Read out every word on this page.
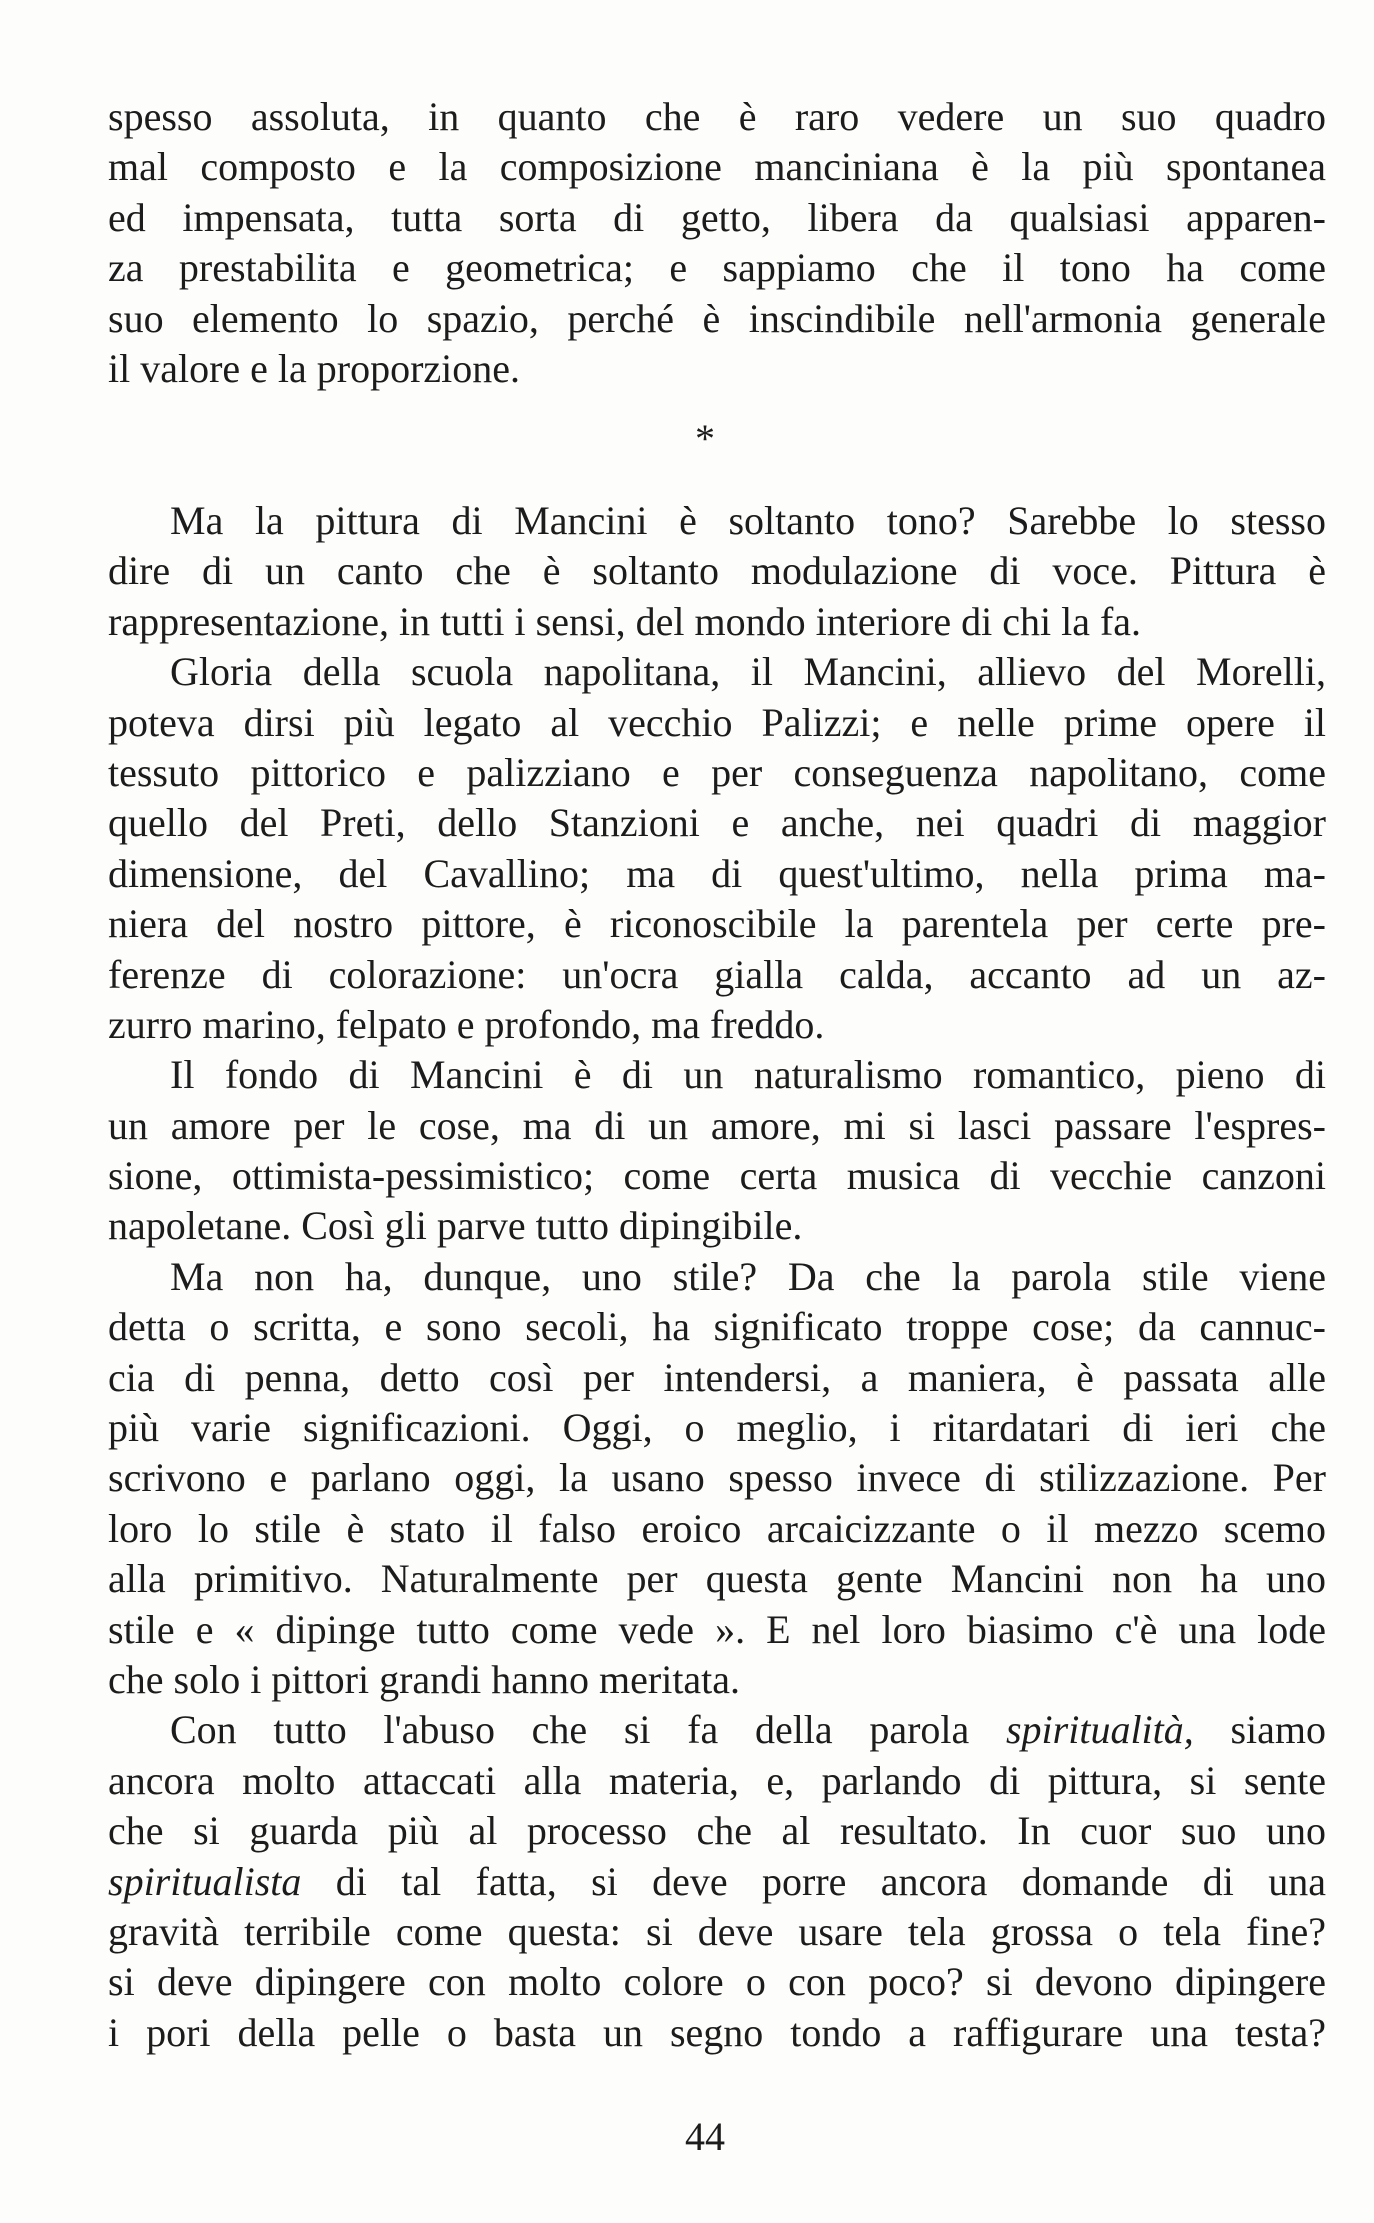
spesso assoluta, in quanto che è raro vedere un suo quadro
mal composto e la composizione manciniana è la più spontanea
ed impensata, tutta sorta di getto, libera da qualsiasi apparen-
za prestabilita e geometrica; e sappiamo che il tono ha come
suo elemento lo spazio, perché è inscindibile nell'armonia generale
il valore e la proporzione.
*
Ma la pittura di Mancini è soltanto tono? Sarebbe lo stesso
dire di un canto che è soltanto modulazione di voce. Pittura è
rappresentazione, in tutti i sensi, del mondo interiore di chi la fa.
Gloria della scuola napolitana, il Mancini, allievo del Morelli,
poteva dirsi più legato al vecchio Palizzi; e nelle prime opere il
tessuto pittorico e palizziano e per conseguenza napolitano, come
quello del Preti, dello Stanzioni e anche, nei quadri di maggior
dimensione, del Cavallino; ma di quest'ultimo, nella prima ma-
niera del nostro pittore, è riconoscibile la parentela per certe pre-
ferenze di colorazione: un'ocra gialla calda, accanto ad un az-
zurro marino, felpato e profondo, ma freddo.
Il fondo di Mancini è di un naturalismo romantico, pieno di
un amore per le cose, ma di un amore, mi si lasci passare l'espres-
sione, ottimista-pessimistico; come certa musica di vecchie canzoni
napoletane. Così gli parve tutto dipingibile.
Ma non ha, dunque, uno stile? Da che la parola stile viene
detta o scritta, e sono secoli, ha significato troppe cose; da cannuc-
cia di penna, detto così per intendersi, a maniera, è passata alle
più varie significazioni. Oggi, o meglio, i ritardatari di ieri che
scrivono e parlano oggi, la usano spesso invece di stilizzazione. Per
loro lo stile è stato il falso eroico arcaicizzante o il mezzo scemo
alla primitivo. Naturalmente per questa gente Mancini non ha uno
stile e « dipinge tutto come vede ». E nel loro biasimo c'è una lode
che solo i pittori grandi hanno meritata.
Con tutto l'abuso che si fa della parola spiritualità, siamo
ancora molto attaccati alla materia, e, parlando di pittura, si sente
che si guarda più al processo che al resultato. In cuor suo uno
spiritualista di tal fatta, si deve porre ancora domande di una
gravità terribile come questa: si deve usare tela grossa o tela fine?
si deve dipingere con molto colore o con poco? si devono dipingere
i pori della pelle o basta un segno tondo a raffigurare una testa?
44
